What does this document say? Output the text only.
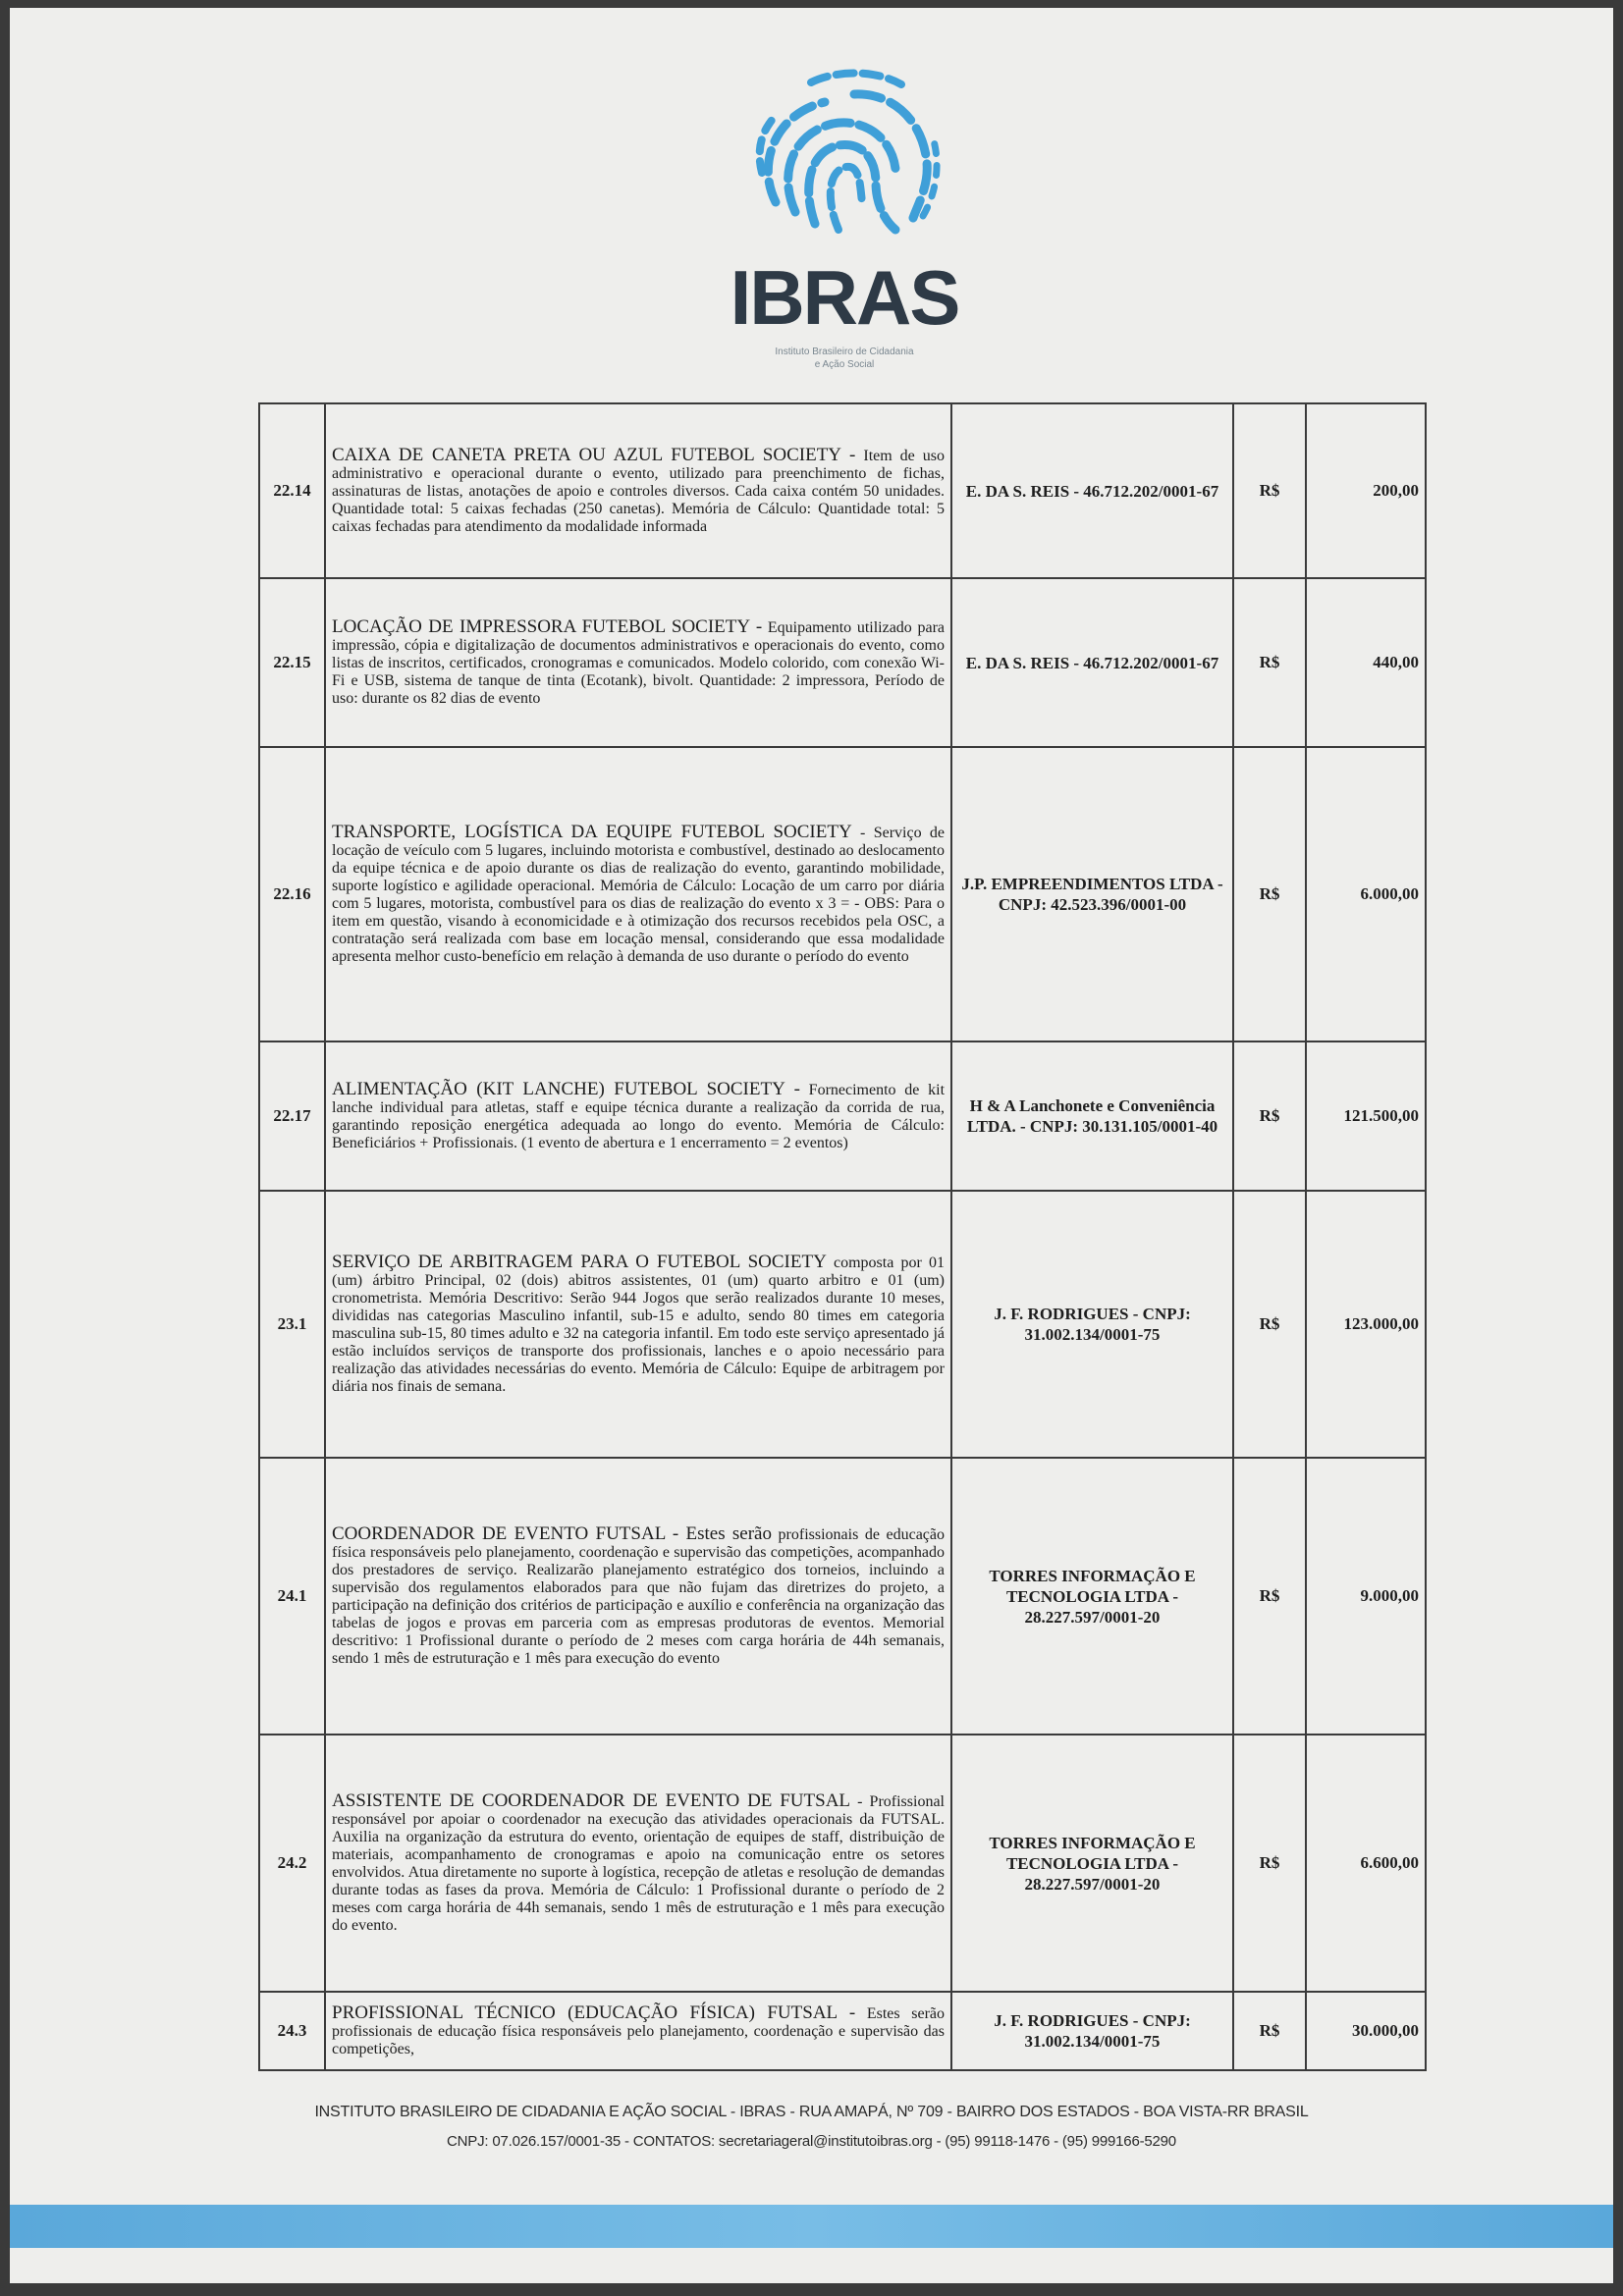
IBRAS
Instituto Brasileiro de Cidadania
e Ação Social
22.14	CAIXA DE CANETA PRETA OU AZUL FUTEBOL SOCIETY - Item de uso administrativo e operacional durante o evento, utilizado para preenchimento de fichas, assinaturas de listas, anotações de apoio e controles diversos. Cada caixa contém 50 unidades. Quantidade total: 5 caixas fechadas (250 canetas). Memória de Cálculo: Quantidade total: 5 caixas fechadas para atendimento da modalidade informada	E. DA S. REIS - 46.712.202/0001-67	R$	200,00
22.15	LOCAÇÃO DE IMPRESSORA FUTEBOL SOCIETY - Equipamento utilizado para impressão, cópia e digitalização de documentos administrativos e operacionais do evento, como listas de inscritos, certificados, cronogramas e comunicados. Modelo colorido, com conexão Wi-Fi e USB, sistema de tanque de tinta (Ecotank), bivolt. Quantidade: 2 impressora, Período de uso: durante os 82 dias de evento	E. DA S. REIS - 46.712.202/0001-67	R$	440,00
22.16	TRANSPORTE, LOGÍSTICA DA EQUIPE FUTEBOL SOCIETY - Serviço de locação de veículo com 5 lugares, incluindo motorista e combustível, destinado ao deslocamento da equipe técnica e de apoio durante os dias de realização do evento, garantindo mobilidade, suporte logístico e agilidade operacional. Memória de Cálculo: Locação de um carro por diária com 5 lugares, motorista, combustível para os dias de realização do evento x 3 = - OBS: Para o item em questão, visando à economicidade e à otimização dos recursos recebidos pela OSC, a contratação será realizada com base em locação mensal, considerando que essa modalidade apresenta melhor custo-benefício em relação à demanda de uso durante o período do evento	J.P. EMPREENDIMENTOS LTDA - CNPJ: 42.523.396/0001-00	R$	6.000,00
22.17	ALIMENTAÇÃO (KIT LANCHE) FUTEBOL SOCIETY - Fornecimento de kit lanche individual para atletas, staff e equipe técnica durante a realização da corrida de rua, garantindo reposição energética adequada ao longo do evento. Memória de Cálculo: Beneficiários + Profissionais. (1 evento de abertura e 1 encerramento = 2 eventos)	H & A Lanchonete e Conveniência LTDA. - CNPJ: 30.131.105/0001-40	R$	121.500,00
23.1	SERVIÇO DE ARBITRAGEM PARA O FUTEBOL SOCIETY composta por 01 (um) árbitro Principal, 02 (dois) abitros assistentes, 01 (um) quarto arbitro e 01 (um) cronometrista. Memória Descritivo: Serão 944 Jogos que serão realizados durante 10 meses, divididas nas categorias Masculino infantil, sub-15 e adulto, sendo 80 times em categoria masculina sub-15, 80 times adulto e 32 na categoria infantil. Em todo este serviço apresentado já estão incluídos serviços de transporte dos profissionais, lanches e o apoio necessário para realização das atividades necessárias do evento. Memória de Cálculo: Equipe de arbitragem por diária nos finais de semana.	J. F. RODRIGUES - CNPJ: 31.002.134/0001-75	R$	123.000,00
24.1	COORDENADOR DE EVENTO FUTSAL - Estes serão profissionais de educação física responsáveis pelo planejamento, coordenação e supervisão das competições, acompanhado dos prestadores de serviço. Realizarão planejamento estratégico dos torneios, incluindo a supervisão dos regulamentos elaborados para que não fujam das diretrizes do projeto, a participação na definição dos critérios de participação e auxílio e conferência na organização das tabelas de jogos e provas em parceria com as empresas produtoras de eventos. Memorial descritivo: 1 Profissional durante o período de 2 meses com carga horária de 44h semanais, sendo 1 mês de estruturação e 1 mês para execução do evento	TORRES INFORMAÇÃO E TECNOLOGIA LTDA - 28.227.597/0001-20	R$	9.000,00
24.2	ASSISTENTE DE COORDENADOR DE EVENTO DE FUTSAL - Profissional responsável por apoiar o coordenador na execução das atividades operacionais da FUTSAL. Auxilia na organização da estrutura do evento, orientação de equipes de staff, distribuição de materiais, acompanhamento de cronogramas e apoio na comunicação entre os setores envolvidos. Atua diretamente no suporte à logística, recepção de atletas e resolução de demandas durante todas as fases da prova. Memória de Cálculo: 1 Profissional durante o período de 2 meses com carga horária de 44h semanais, sendo 1 mês de estruturação e 1 mês para execução do evento.	TORRES INFORMAÇÃO E TECNOLOGIA LTDA - 28.227.597/0001-20	R$	6.600,00
24.3	PROFISSIONAL TÉCNICO (EDUCAÇÃO FÍSICA) FUTSAL - Estes serão profissionais de educação física responsáveis pelo planejamento, coordenação e supervisão das competições,	J. F. RODRIGUES - CNPJ: 31.002.134/0001-75	R$	30.000,00
INSTITUTO BRASILEIRO DE CIDADANIA E AÇÃO SOCIAL - IBRAS - RUA AMAPÁ, Nº 709 - BAIRRO DOS ESTADOS - BOA VISTA-RR BRASIL
CNPJ: 07.026.157/0001-35 - CONTATOS: secretariageral@institutoibras.org - (95) 99118-1476 - (95) 999166-5290
